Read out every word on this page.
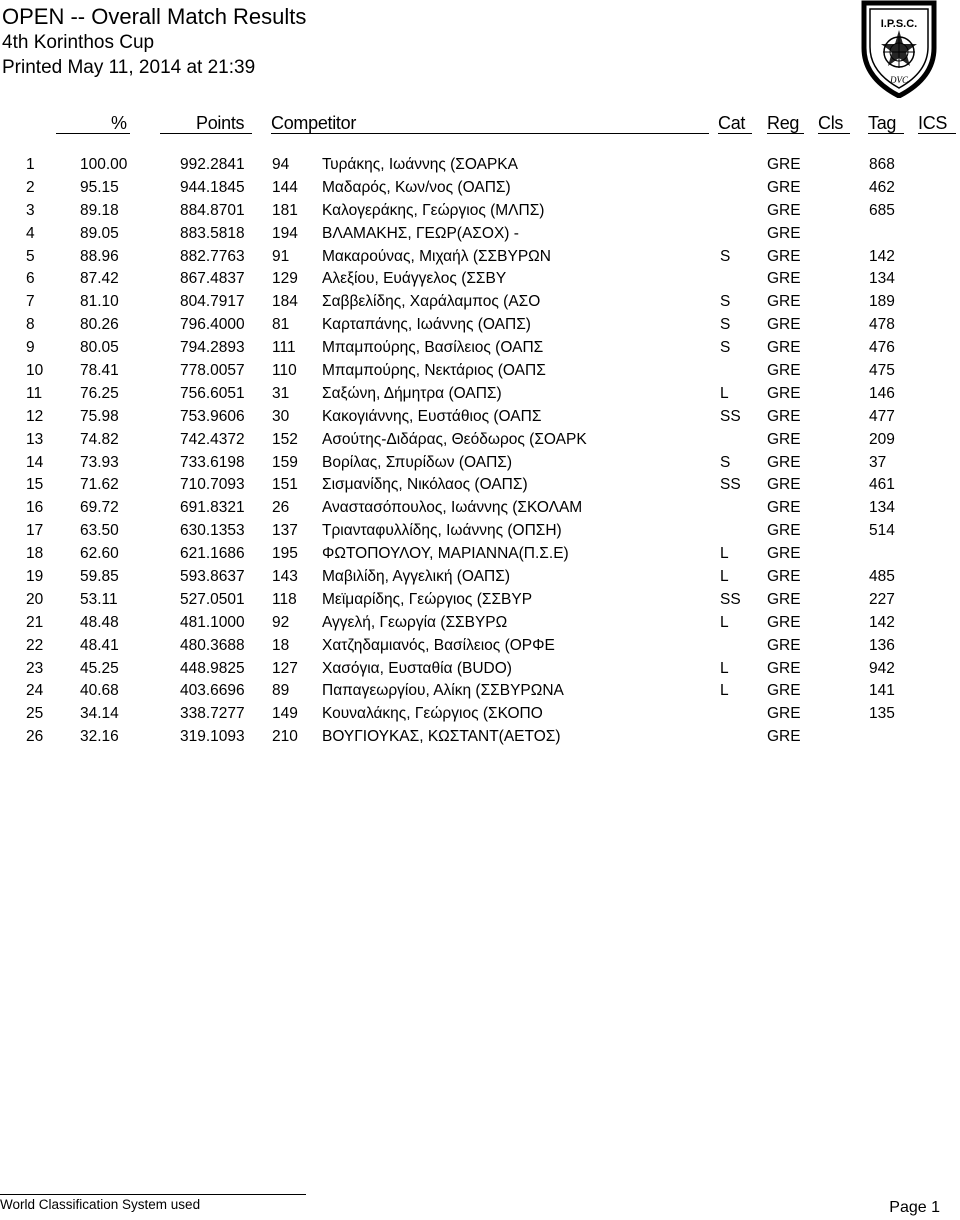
OPEN -- Overall Match Results
4th Korinthos Cup
Printed May 11, 2014 at 21:39
I.P.S.C.
DVC
%	Points Competitor	Cat Reg Cls Tag ICS
1	100.00	992.2841 94 Τυράκης, Ιωάννης (ΣΟΑΡΚΑ	GRE	868
2	95.15	944.1845 144 Μαδαρός, Κων/νος (ΟΑΠΣ)	GRE	462
3	89.18	884.8701 181 Καλογεράκης, Γεώργιος (ΜΛΠΣ)	GRE	685
4	89.05	883.5818 194 ΒΛΑΜΑΚΗΣ, ΓΕΩΡ(ΑΣΟΧ) -	GRE
5	88.96	882.7763 91 Μακαρούνας, Μιχαήλ (ΣΣΒΥΡΩΝ	S GRE	142
6	87.42	867.4837 129 Αλεξίου, Ευάγγελος (ΣΣΒΥ	GRE	134
7	81.10	804.7917 184 Σαββελίδης, Χαράλαμπος (ΑΣΟ	S GRE	189
8	80.26	796.4000 81 Καρταπάνης, Ιωάννης (ΟΑΠΣ)	S GRE	478
9	80.05	794.2893 111 Μπαμπούρης, Βασίλειος (ΟΑΠΣ	S GRE	476
10 78.41	778.0057 110 Μπαμπούρης, Νεκτάριος (ΟΑΠΣ	GRE	475
11 76.25	756.6051 31 Σαξώνη, Δήμητρα (ΟΑΠΣ)	L GRE	146
12 75.98	753.9606 30 Κακογιάννης, Ευστάθιος (ΟΑΠΣ	SS GRE	477
13 74.82	742.4372 152 Ασούτης-Διδάρας, Θεόδωρος (ΣΟΑΡΚ	GRE	209
14 73.93	733.6198 159 Βορίλας, Σπυρίδων (ΟΑΠΣ)	S GRE	37
15 71.62	710.7093 151 Σισμανίδης, Νικόλαος (ΟΑΠΣ)	SS GRE	461
16 69.72	691.8321 26 Αναστασόπουλος, Ιωάννης (ΣΚΟΛΑΜ	GRE	134
17 63.50	630.1353 137 Τριανταφυλλίδης, Ιωάννης (ΟΠΣΗ)	GRE	514
18 62.60	621.1686 195 ΦΩΤΟΠΟΥΛΟΥ, ΜΑΡΙΑΝΝΑ(Π.Σ.Ε)	L GRE
19 59.85	593.8637 143 Μαβιλίδη, Αγγελική (ΟΑΠΣ)	L GRE	485
20 53.11	527.0501 118 Μεϊμαρίδης, Γεώργιος (ΣΣΒΥΡ	SS GRE	227
21 48.48	481.1000 92 Αγγελή, Γεωργία (ΣΣΒΥΡΩ	L GRE	142
22 48.41	480.3688 18 Χατζηδαμιανός, Βασίλειος (ΟΡΦΕ	GRE	136
23 45.25	448.9825 127 Χασόγια, Ευσταθία (BUDO)	L GRE	942
24 40.68	403.6696 89 Παπαγεωργίου, Αλίκη (ΣΣΒΥΡΩΝΑ	L GRE	141
25 34.14	338.7277 149 Κουναλάκης, Γεώργιος (ΣΚΟΠΟ	GRE	135
26 32.16	319.1093 210 ΒΟΥΓΙΟΥΚΑΣ, ΚΩΣΤΑΝΤ(ΑΕΤΟΣ)	GRE
World Classification System used	Page 1
